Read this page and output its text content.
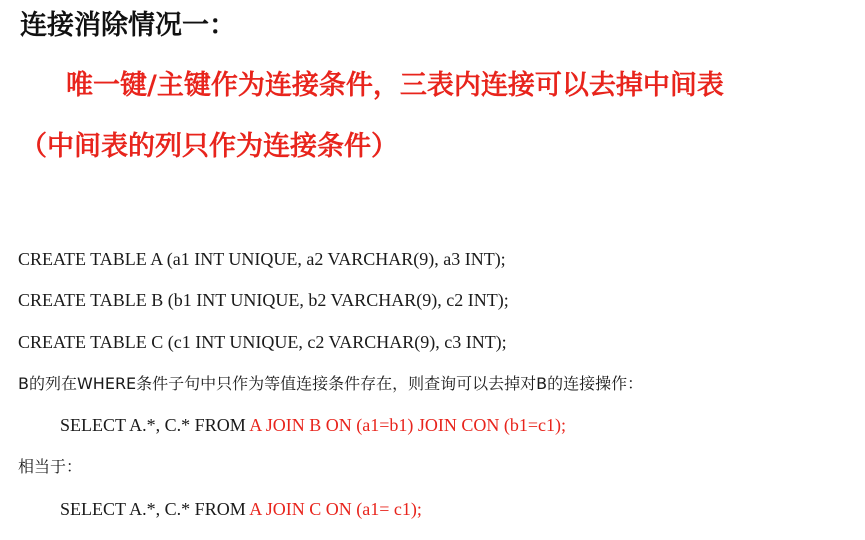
连接消除情况一：
唯一键/主键作为连接条件，三表内连接可以去掉中间表
（中间表的列只作为连接条件）
CREATE TABLE A (a1 INT UNIQUE, a2 VARCHAR(9), a3 INT);
CREATE TABLE B (b1 INT UNIQUE, b2 VARCHAR(9), c2 INT);
CREATE TABLE C (c1 INT UNIQUE, c2 VARCHAR(9), c3 INT);
B的列在WHERE条件子句中只作为等值连接条件存在，则查询可以去掉对B的连接操作：
SELECT A.*, C.* FROM A JOIN B ON (a1=b1) JOIN CON (b1=c1);
相当于：
SELECT A.*, C.* FROM A JOIN C ON (a1= c1);
